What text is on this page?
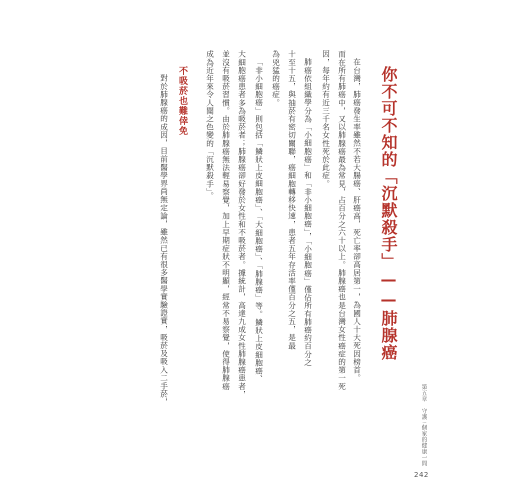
你不可不知的「沉默殺手」——肺腺癌
在台灣，肺癌發生率雖然不若大腸癌、肝癌高，死亡率卻高居第一，為國人十大死因榜首。
而在所有肺癌中，又以肺腺癌最為常見，占百分之六十以上。肺腺癌也是台灣女性癌症的第一死
因，每年約有近三千名女性死於此症。
肺癌依組織學分為「小細胞癌」和「非小細胞癌」，「小細胞癌」僅佔所有肺癌約百分之
十至十五，與抽菸有密切關聯，癌細胞轉移快速，患者五年存活率僅百分之五，是最
為兇猛的癌症。
「非小細胞癌」則包括「鱗狀上皮細胞癌」、「大細胞癌」、「肺腺癌」等。鱗狀上皮細胞癌、
大細胞癌患者多為吸菸者；肺腺癌卻好發於女性和不吸菸者。據統計，高達九成女性肺腺癌患者，
並沒有吸菸習慣。由於肺腺癌無法輕易察覺，加上早期症狀不明顯，經常不易察覺，使得肺腺癌
成為近年來令人聞之色變的「沉默殺手」。
不吸菸也難倖免
對於肺腺癌的成因，目前醫學界尚無定論，雖然已有很多醫學實驗證實，吸菸及吸入二手菸，
第五章　守護ㄧ個家的健康一問
242
